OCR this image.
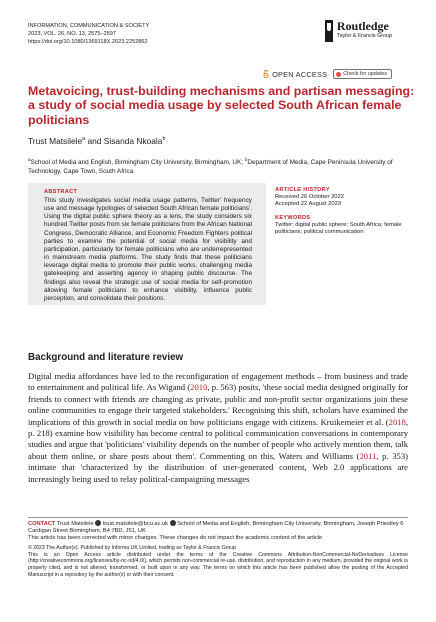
INFORMATION, COMMUNICATION & SOCIETY
2023, VOL. 26, NO. 13, 2575–2597
https://doi.org/10.1080/1369118X.2023.2252862
Routledge
Taylor & Francis Group
OPEN ACCESS	Check for updates
Metavoicing, trust-building mechanisms and partisan messaging: a study of social media usage by selected South African female politicians
Trust Matsilele$^a$ and Sisanda Nkoala$^b$
$^a$School of Media and English, Birmingham City University, Birmingham, UK; $^b$Department of Media, Cape Peninsula University of Technology, Cape Town, South Africa
ABSTRACT
This study investigates social media usage patterns, Twitter' frequency use and message typologies of selected South African female politicians'. Using the digital public sphere theory as a lens, the study considers six hundred Twitter posts from six female politicians from the African National Congress, Democratic Alliance, and Economic Freedom Fighters political parties to examine the potential of social media for visibility and participation, particularly for female politicians who are underrepresented in mainstream media platforms. The study finds that these politicians leverage digital media to promote their public works, challenging media gatekeeping and asserting agency in shaping public discourse. The findings also reveal the strategic use of social media for self-promotion allowing female politicians to enhance visibility, influence public perception, and consolidate their positions.
ARTICLE HISTORY
Received 26 October 2022
Accepted 22 August 2023
KEYWORDS
Twitter; digital public sphere; South Africa; female politicians; political communication
Background and literature review
Digital media affordances have led to the reconfiguration of engagement methods – from business and trade to entertainment and political life. As Wigand (2010, p. 563) posits, 'these social media designed originally for friends to connect with friends are changing as private, public and non-profit sector organizations join these online communities to engage their targeted stakeholders.' Recognising this shift, scholars have examined the implications of this growth in social media on how politicians engage with citizens. Kruikemeier et al. (2018, p. 218) examine how visibility has become central to political communication conversations in contemporary studies and argue that 'politicians' visibility depends on the number of people who actively mention them, talk about them online, or share posts about them'. Commenting on this, Waters and Williams (2011, p. 353) intimate that 'characterized by the distribution of user-generated content, Web 2.0 applications are increasingly being used to relay political-campaigning messages
CONTACT Trust Matsilele trust.matsilele@bcu.ac.uk School of Media and English, Birmingham City University, Birmingham, Joseph Priestley 6 Cardigan Street Birmingham, B4 7BD, J51, UK
This article has been corrected with minor changes. These changes do not impact the academic content of the article
© 2023 The Author(s). Published by Informa UK Limited, trading as Taylor & Francis Group
This is an Open Access article distributed under the terms of the Creative Commons Attribution-NonCommercial-NoDerivatives License (http://creativecommons.org/licenses/by-nc-nd/4.0/), which permits non-commercial re-use, distribution, and reproduction in any medium, provided the original work is properly cited, and is not altered, transformed, or built upon in any way. The terms on which this article has been published allow the posting of the Accepted Manuscript in a repository by the author(s) or with their consent.
